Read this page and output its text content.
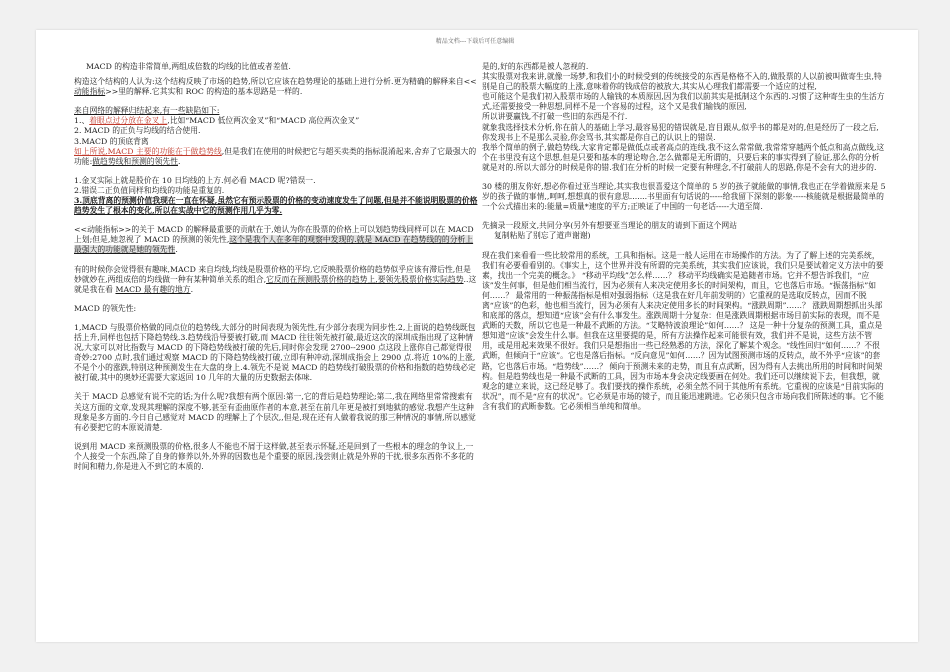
精品文档---下载后可任意编辑

MACD 的构造非常简单,两组成倍数的均线的比值或者差值.

构造这个结构的人认为:这个结构反映了市场的趋势,所以它应该在趋势理论的基础上进行分析.更为精确的解释来自<<动能指标>>里的解释.它其实和 ROC 的构造的基本思路是一样的.

来自网络的解释归结起来,有一些缺陷如下:
1.、着眼点过分放在金叉上,比如“MACD 低位两次金叉”和“MACD 高位两次金叉”
2. MACD 的正负与均线的结合使用.
3.MACD 的顶底背离
如上所说,MACD 主要的功能在于做趋势线,但是我们在使用的时候把它与超买卖类的指标混淆起来,舍弃了它最强大的功能:做趋势线和预测的领先性.

1.金叉实际上就是股价在 10 日均线的上方.何必看 MACD 呢?错误一.
2.错误二正负值同样和均线的功能是重复的.
3.顶底背离的预测价值我现在一直在怀疑,虽然它有预示股票的价格的变动速度发生了问题,但是并不能说明股票的价格趋势发生了根本的变化,所以在实战中它的预测作用几乎为零.

<<动能指标>>的关于 MACD 的解释最重要的贡献在于,她认为你在股票的价格上可以划趋势线同样可以在 MACD 上划;但是,她忽视了 MACD 的预测的领先性,这个是我个人在多年的观察中发现的.就是 MACD 在趋势线的的分析上最强大的功能就是她的领先性.

有的时候你会觉得很有趣味,MACD 来自均线,均线是股票价格的平均,它反映股票价格的趋势似乎应该有滞后性,但是妙就妙在,两组成倍的均线做一种有某种简单关系的组合,它反而在预测股票价格的趋势上,要领先股票价格实际趋势..这就是我在看 MACD 最有趣的地方.

MACD 的领先性:

1,MACD 与股票价格做的同点位的趋势线,大部分的时间表现为领先性,有少部分表现为同步性.2,上面说的趋势线既包括上升,同样也包括下降趋势线.3.趋势线沿导要被打破,而 MACD 往往领先被打破,最近这次的深圳成指出现了这种情况,大家可以对比指数与 MACD 的下降趋势线被打破的先后,同时你会发现 2700--2900 点这段上涨你自己都觉得很奇妙:2700 点时,我们通过观察 MACD 的下降趋势线被打破,立即有种冲动,深圳成指会上 2900 点.将近 10%的上涨,不是个小的涨跌,特别这种预测发生在大盘的身上.4.领先不是说 MACD 的趋势线打破股票的价格和指数的趋势线必定被打破,其中的奥妙还需要大家返回 10 几年的大量的历史数据去体味.

关于 MACD 总感觉有说不完的话;为什么呢?我想有两个原因:第一,它的背后是趋势理论;第二,我在网络里常常搜索有关这方面的文章,发现其理解的深度不够,甚至有歪曲原作者的本意,甚至在前几年更是被打到地狱的感觉.我想产生这种现象是多方面的.今日自己感觉对 MACD 的理解上了个层次,,但是,现在还有人做着我说的那三种情况的事情,所以感觉有必要把它的本原说清楚.

说到用 MACD 来预测股票的价格,很多人不能也不屑于这样做,甚至表示怀疑,还是回到了一些根本的理念的争议上,一个人接受一个东西,除了自身的修养以外,外界的因数也是个重要的原因,浅尝则止就是外界的干扰,很多东西你不多花的时间和精力,你是进入不到它的本质的.

是的,好的东西都是被人忽视的.

其实股票对我来讲,就像一场梦,和我们小的时候受到的传统接受的东西是格格不入的,做股票的人以前被叫做寄生虫,特别是自己的股票大幅度的上涨,意味着你的钱成倍的被放大,其实从心理我们都需要一个适应的过程,

也可能这个是我们初入股票市场的人输钱的本质原因,因为我们以前其实是抵制这个东西的.习惯了这种寄生虫的生活方式,还需要接受一种思想,同样不是一个容易的过程，这个又是我们输钱的原因,

所以讲要赢钱,不打破一些旧的东西是不行.

就象我选择技术分析,你在前人的基础上学习,最容易犯的错误就是,盲目跟从,似乎书的都是对的,但是经历了一段之后,你发现书上不是那么灵验,你会骂书,其实都是你自己的认识上的错误.

我举个简单的例子,做趋势线,大家肯定都是做低点或者高点的连线,我不这么常常做,我常常穿越两个低点和高点做线,这个在书里没有这个思想,但是只要和基本的理论吻合,怎么做都是无所谓的，只要后来的事实得到了验证,那么你的分析就是对的.所以大部分的时候是你的错.我们在分析的时候一定要有种理念,不打破前人的思路,你是不会有大的进步的.

30 楼的朋友你好,想必你看过亚当理论,其实我也很喜爱这个简单的 5 岁的孩子就能做的事情,我也正在学着做原来是 5 岁的孩子做的事情,,呵呵,想想真的很有意思.......书里面有句话说的-----给我留下深刻的影象-----核能就是根据最简单的一个公式描出来的:能量=质量*速度的平方;正映证了中国的一句老话-----大道至简.

先摘录一段原文,共同分享(另外有想要亚当理论的朋友的请到下面这个网站
复制粘贴了别忘了道声谢谢)

现在我们来看看一些比较常用的系统，工具和指标。这是一般人运用在市场操作的方法。为了了解上述的完美系统，我们有必要看看别的。《事实上，这个世界并没有所谓的完美系统，其实我们应该说，我们只是要试着定义方法中的要素，找出一个完美的概念。》 “移动平均线”怎么样……？ 移动平均线确实是追随者市场。它并不想告诉我们，“应该”发生何事，但是他们相当流行，因为必须有人来决定使用多长的时间架构，而且，它也落后市场。“振荡指标”如何……？ 最常用的一种振荡指标是相对强弱指标（这是我在好几年前发明的）它重视的是选取反转点，因而不脱离“应该”的色彩，他也相当流行，因为必须有人来决定使用多长的时间架构。“涨跌周期”……？ 涨跌周期想抓出头部和底部的落点，想知道“应该”会有什么事发生。涨跌周期十分复杂：但是涨跌周期根据市场目前实际的表现，而不是武断的天数，所以它也是一种最不武断的方法。“艾略特波浪理论”如何……？ 这是一种十分复杂的预测工具，重点是想知道“应该”会发生什么事。但我在这里要提的是，所有方法操作起来可能很有效，我们并不是说，这些方法不管用，或是用起来效果不很好。我们只是想指出一些已经熟悉的方法，深化了解某个观念。“线性回归”如何……？不很武断，但倾向于“应该”。它也是落后指标。“反向意见”如何……？因为试图预测市场的反转点，故不外乎“应该”的套路，它也落后市场。“趋势线”……？ 倾向于预测未来的走势，而且有点武断，因为得有人去挑出所用的时间和时间架构。但是趋势线也是一种最不武断的工具，因为市场本身会决定线要画在何处。我们还可以继续说下去，但我想，就观念的建立来说，这已经足够了。我们要找的操作系统，必须全然不同于其他所有系统。它重视的应该是“目前实际的状况”，而不是“应有的状况”。它必须是市场的镜子，而且能迅速跳进。它必须只包含市场向我们所陈述的事。它不能含有我们的武断参数。它必须相当单纯和简单。
